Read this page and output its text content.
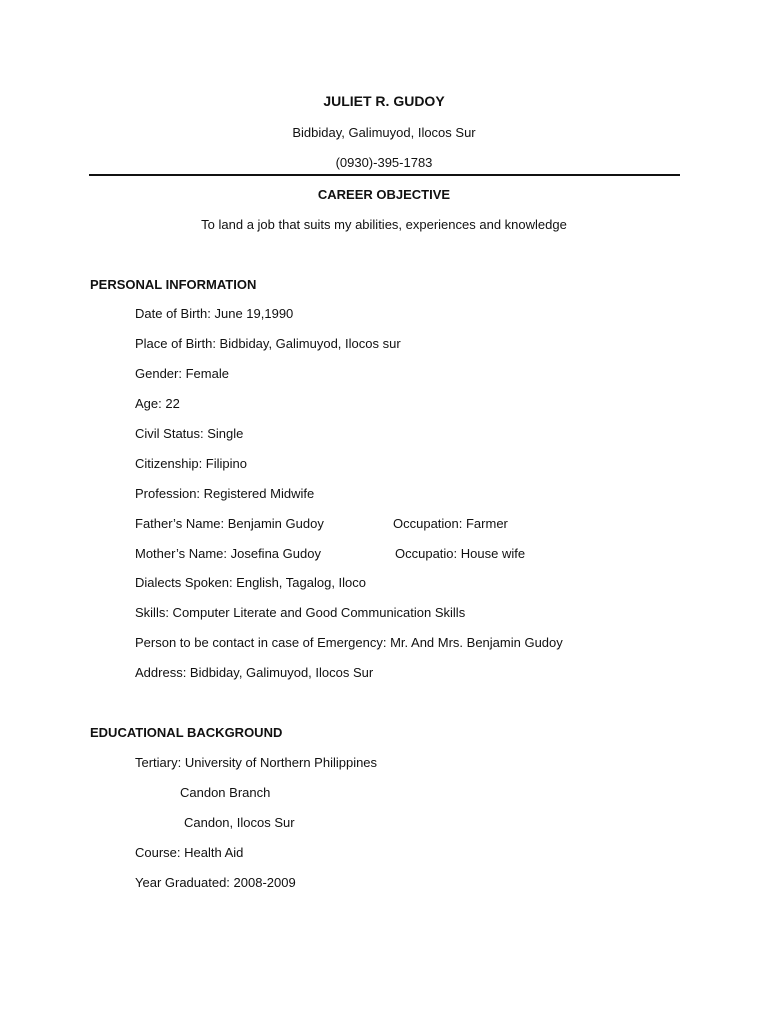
JULIET R. GUDOY
Bidbiday, Galimuyod, Ilocos Sur
(0930)-395-1783
CAREER OBJECTIVE
To land a job that suits my abilities, experiences and knowledge
PERSONAL INFORMATION
Date of Birth: June 19,1990
Place of Birth: Bidbiday, Galimuyod, Ilocos sur
Gender: Female
Age: 22
Civil Status: Single
Citizenship: Filipino
Profession: Registered Midwife
Father’s Name: Benjamin Gudoy	Occupation: Farmer
Mother’s Name: Josefina Gudoy	Occupatio: House wife
Dialects Spoken: English, Tagalog, Iloco
Skills: Computer Literate and Good Communication Skills
Person to be contact in case of Emergency: Mr. And Mrs. Benjamin Gudoy
Address: Bidbiday, Galimuyod, Ilocos Sur
EDUCATIONAL BACKGROUND
Tertiary: University of Northern Philippines
Candon Branch
Candon, Ilocos Sur
Course: Health Aid
Year Graduated: 2008-2009
